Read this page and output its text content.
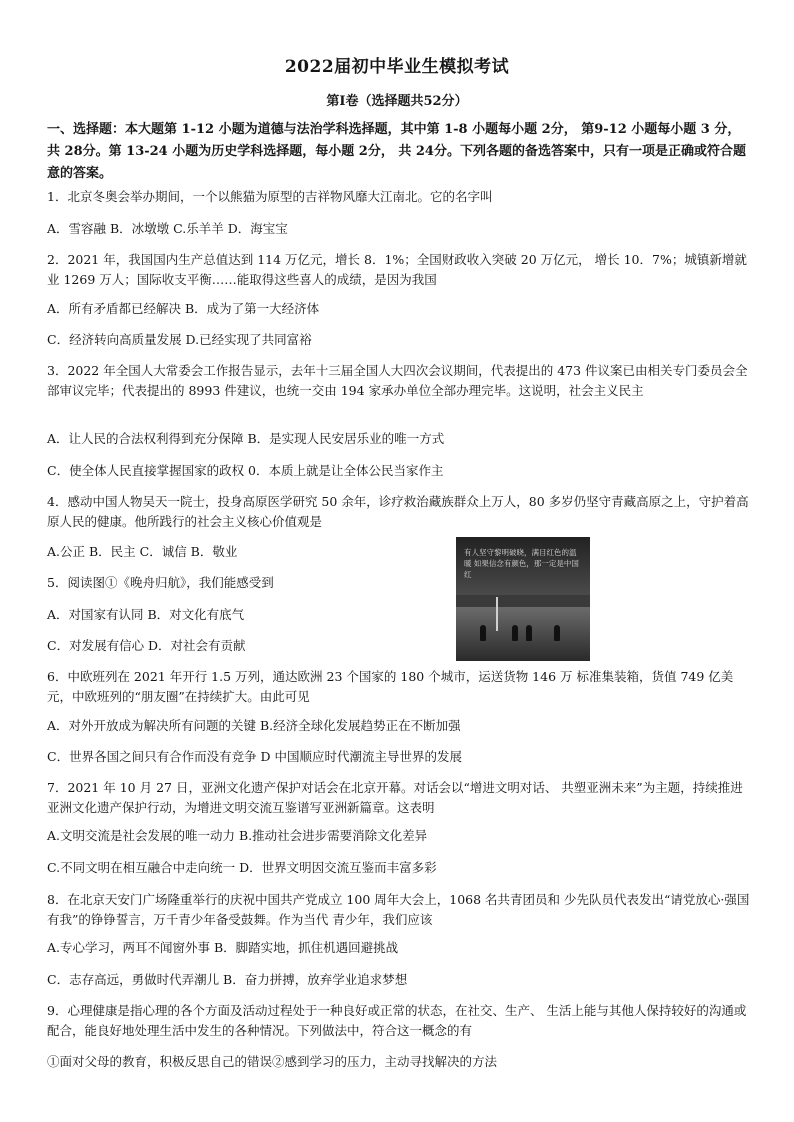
2022届初中毕业生模拟考试
第Ⅰ卷（选择题共52分）
一、选择题：本大题第 1-12 小题为道德与法治学科选择题，其中第 1-8 小题每小题 2分， 第9-12 小题每小题 3 分，共 28分。第 13-24 小题为历史学科选择题，每小题 2分， 共 24分。下列各题的备选答案中，只有一项是正确或符合题意的答案。
1．北京冬奥会举办期间，一个以熊猫为原型的吉祥物风靡大江南北。它的名字叫
A．雪容融 B．冰墩墩 C.乐羊羊 D．海宝宝
2．2021 年，我国国内生产总值达到 114 万亿元，增长 8．1%；全国财政收入突破 20 万亿元， 增长 10．7%；城镇新增就业 1269 万人；国际收支平衡……能取得这些喜人的成绩，是因为我国
A．所有矛盾都已经解决 B．成为了第一大经济体
C．经济转向高质量发展 D.已经实现了共同富裕
3．2022 年全国人大常委会工作报告显示，去年十三届全国人大四次会议期间，代表提出的 473 件议案已由相关专门委员会全部审议完毕；代表提出的 8993 件建议，也统一交由 194 家承办单位全部办理完毕。这说明，社会主义民主
A．让人民的合法权利得到充分保障 B．是实现人民安居乐业的唯一方式
C．使全体人民直接掌握国家的政权 0．本质上就是让全体公民当家作主
4．感动中国人物吴天一院士，投身高原医学研究 50 余年，诊疗救治藏族群众上万人，80 多岁仍坚守青藏高原之上，守护着高原人民的健康。他所践行的社会主义核心价值观是
A.公正 B．民主 C．诚信 B．敬业
5．阅读图①《晚舟归航》，我们能感受到
A．对国家有认同 B．对文化有底气
C．对发展有信心 D．对社会有贡献
有人坚守黎明破晓，满目红色的温暖 如果信念有颜色，那一定是中国红
6．中欧班列在 2021 年开行 1.5 万列，通达欧洲 23 个国家的 180 个城市，运送货物 146 万 标准集装箱，货值 749 亿美元，中欧班列的“朋友圈”在持续扩大。由此可见
A．对外开放成为解决所有问题的关键 B.经济全球化发展趋势正在不断加强
C．世界各国之间只有合作而没有竞争 D 中国顺应时代潮流主导世界的发展
7．2021 年 10 月 27 日，亚洲文化遗产保护对话会在北京开幕。对话会以“增进文明对话、 共塑亚洲未来”为主题，持续推进亚洲文化遗产保护行动，为增进文明交流互鉴谱写亚洲新篇章。这表明
A.文明交流是社会发展的唯一动力 B.推动社会进步需要消除文化差异
C.不同文明在相互融合中走向统一 D．世界文明因交流互鉴而丰富多彩
8．在北京天安门广场隆重举行的庆祝中国共产党成立 100 周年大会上，1068 名共青团员和 少先队员代表发出“请党放心·强国有我”的铮铮誓言，万千青少年备受鼓舞。作为当代 青少年，我们应该
A.专心学习，两耳不闻窗外事 B．脚踏实地，抓住机遇回避挑战
C．志存高远，勇做时代弄潮儿 B．奋力拼搏，放弃学业追求梦想
9．心理健康是指心理的各个方面及活动过程处于一种良好或正常的状态，在社交、生产、 生活上能与其他人保持较好的沟通或配合，能良好地处理生活中发生的各种情况。下列做法中，符合这一概念的有
①面对父母的教育，积极反思自己的错误②感到学习的压力，主动寻找解决的方法
